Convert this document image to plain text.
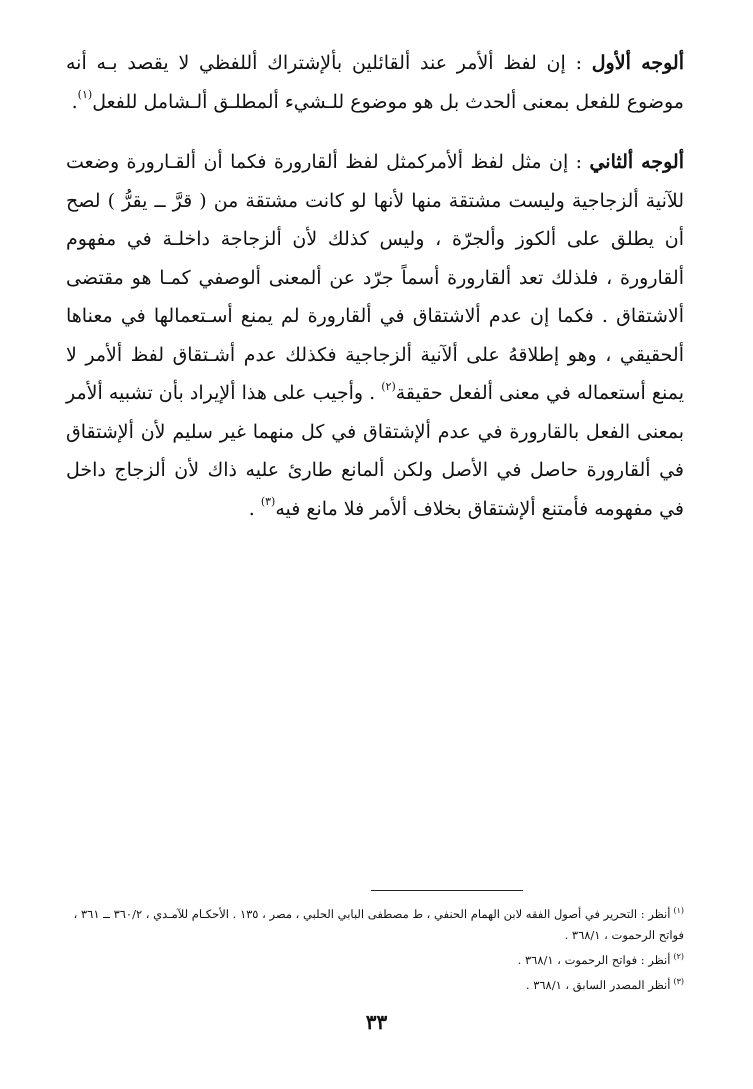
ألوجه ألأول : إن لفظ ألأمر عند ألقائلين بألإشتراك أللفظي لا يقصد بـه أنه موضوع للفعل بمعنى ألحدث بل هو موضوع للـشيء ألمطلـق ألـشامل للفعل$^{(١)}$.

ألوجه ألثاني : إن مثل لفظ ألأمركمثل لفظ ألقارورة فكما أن ألقـارورة وضعت للآنية ألزجاجية وليست مشتقة منها لأنها لو كانت مشتقة من ( قرَّ ــ يقرُّ ) لصح أن يطلق على ألكوز وألجرّة ، وليس كذلك لأن ألزجاجة داخلـة في مفهوم ألقارورة ، فلذلك تعد ألقارورة أسماً جرّد عن ألمعنى ألوصفي كمـا هو مقتضى ألاشتقاق . فكما إن عدم ألاشتقاق في ألقارورة لم يمنع أسـتعمالها في معناها ألحقيقي ، وهو إطلاقهُ على ألآنية ألزجاجية فكذلك عدم أشـتقاق لفظ ألأمر لا يمنع أستعماله في معنى ألفعل حقيقة$^{(٢)}$ . وأجيب على هذا ألإيراد بأن تشبيه ألأمر بمعنى الفعل بالقارورة في عدم ألإشتقاق في كل منهما غير سليم لأن ألإشتقاق في ألقارورة حاصل في الأصل ولكن ألمانع طارئ عليه ذاك لأن ألزجاج داخل في مفهومه فأمتنع ألإشتقاق بخلاف ألأمر فلا مانع فيه$^{(٣)}$ .

$^{(١)}$أنظر : التحرير في أصول الفقه لابن الهمام الحنفي ، ط مصطفى البابي الحلبي ، مصر ، ١٣٥ . الأحكـام للآمـدي ، ٣٦٠/٢ ــ ٣٦١ ، فواتح الرحموت ، ٣٦٨/١ .

$^{(٢)}$أنظر : فواتح الرحموت ، ٣٦٨/١ .

$^{(٣)}$أنظر المصدر السابق ، ٣٦٨/١ .

٣٣
